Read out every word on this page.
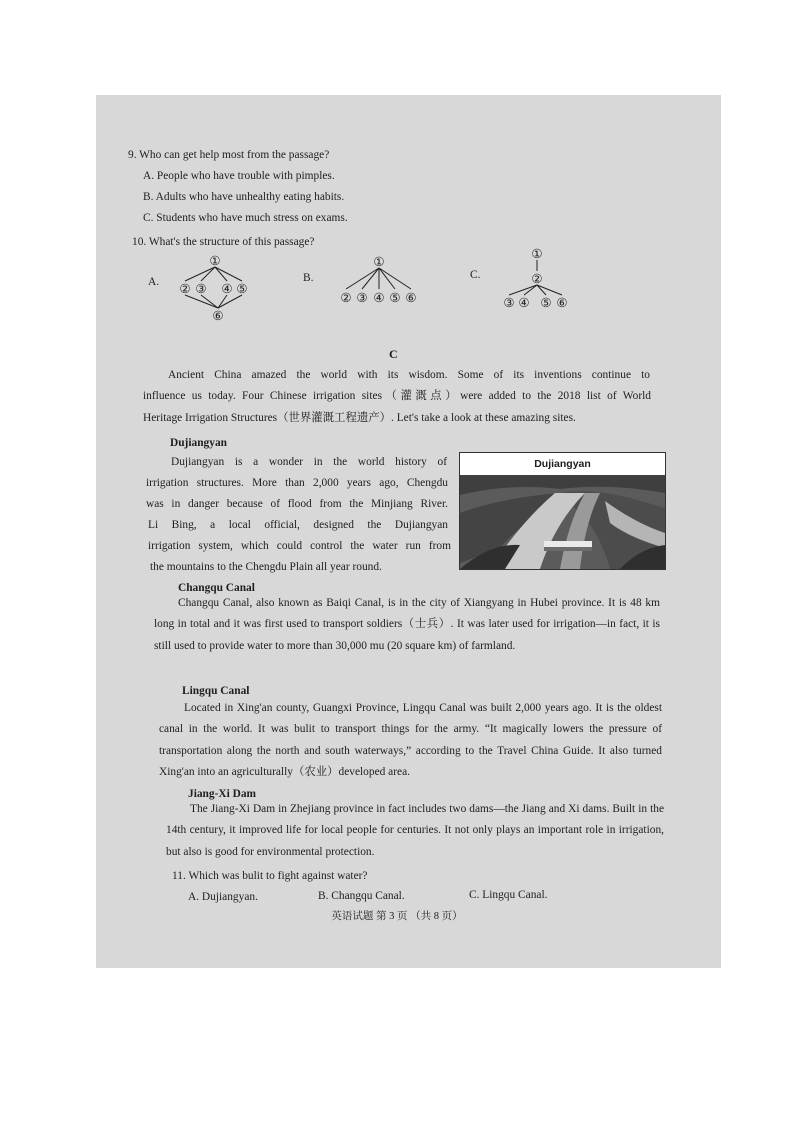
9. Who can get help most from the passage?
A. People who have trouble with pimples.
B. Adults who have unhealthy eating habits.
C. Students who have much stress on exams.
10. What's the structure of this passage?
A.	B.	C.
①
② ③ ④ ⑤
⑥
①
② ③ ④ ⑤ ⑥
①
②
③ ④ ⑤ ⑥
C
Ancient China amazed the world with its wisdom. Some of its inventions continue to
influence us today. Four Chinese irrigation sites（灌溉点）were added to the 2018 list of World
Heritage Irrigation Structures（世界灌溉工程遗产）. Let's take a look at these amazing sites.
Dujiangyan
Dujiangyan is a wonder in the world history of
irrigation structures. More than 2,000 years ago, Chengdu
was in danger because of flood from the Minjiang River.
Li Bing, a local official, designed the Dujiangyan
irrigation system, which could control the water run from
the mountains to the Chengdu Plain all year round.
Dujiangyan
Changqu Canal
Changqu Canal, also known as Baiqi Canal, is in the city of Xiangyang in Hubei province. It is 48 km long in total and it was first used to transport soldiers（士兵）. It was later used for irrigation—in fact, it is still used to provide water to more than 30,000 mu (20 square km) of farmland.
Lingqu Canal
Located in Xing'an county, Guangxi Province, Lingqu Canal was built 2,000 years ago. It is the oldest canal in the world. It was bulit to transport things for the army. “It magically lowers the pressure of transportation along the north and south waterways,” according to the Travel China Guide. It also turned Xing'an into an agriculturally（农业）developed area.
Jiang-Xi Dam
The Jiang-Xi Dam in Zhejiang province in fact includes two dams—the Jiang and Xi dams. Built in the 14th century, it improved life for local people for centuries. It not only plays an important role in irrigation, but also is good for environmental protection.
11. Which was bulit to fight against water?
A. Dujiangyan.	B. Changqu Canal.	C. Lingqu Canal.
英语试题 第 3 页 （共 8 页）
